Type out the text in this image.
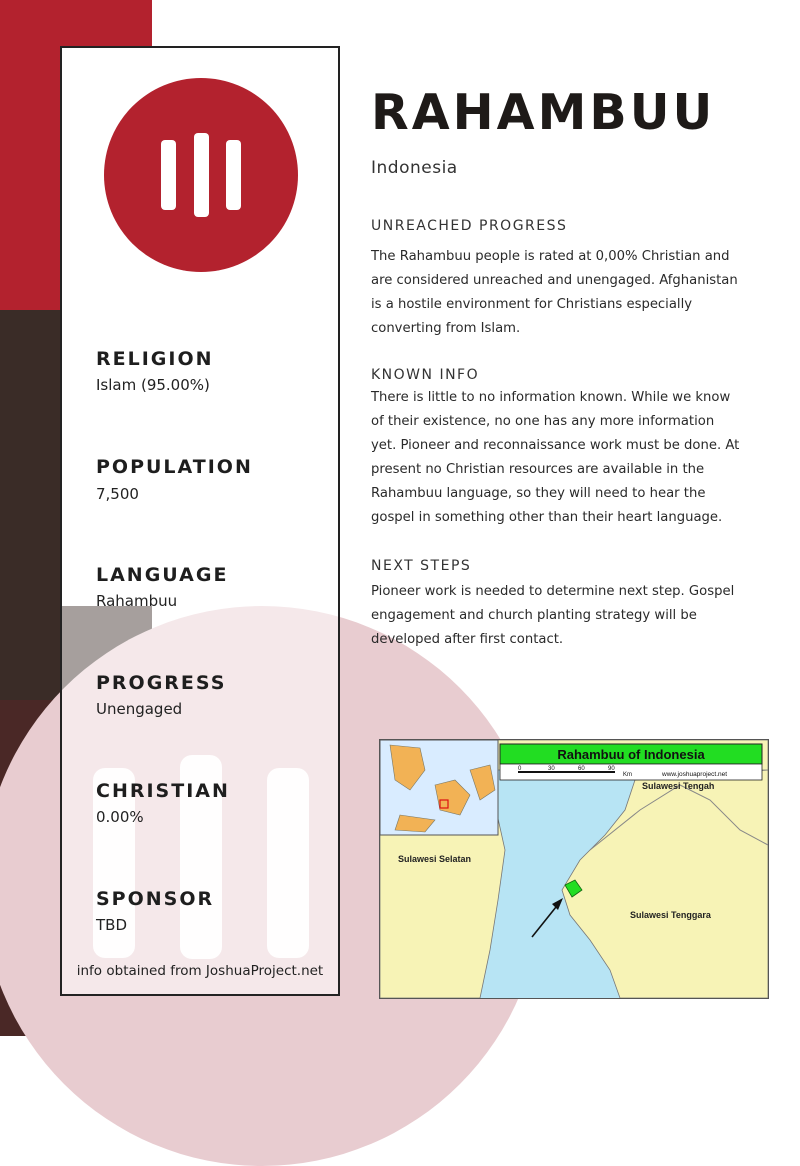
RELIGION
Islam (95.00%)
POPULATION
7,500
LANGUAGE
Rahambuu
PROGRESS
Unengaged
CHRISTIAN
0.00%
SPONSOR
TBD
info obtained from JoshuaProject.net
RAHAMBUU
Indonesia
UNREACHED PROGRESS

The Rahambuu people is rated at 0,00% Christian and are considered unreached and unengaged. Afghanistan is a hostile environment for Christians especially converting from Islam.

KNOWN INFO

There is little to no information known. While we know of their existence, no one has any more information yet. Pioneer and reconnaissance work must be done. At present no Christian resources are available in the Rahambuu language, so they will need to hear the gospel in something other than their heart language.

NEXT STEPS

Pioneer work is needed to determine next step. Gospel engagement and church planting strategy will be developed after first contact.

Rahambuu of Indonesia
0	30	60	90
Km	www.joshuaproject.net
Sulawesi Tengah
Sulawesi Selatan
Sulawesi Tenggara
